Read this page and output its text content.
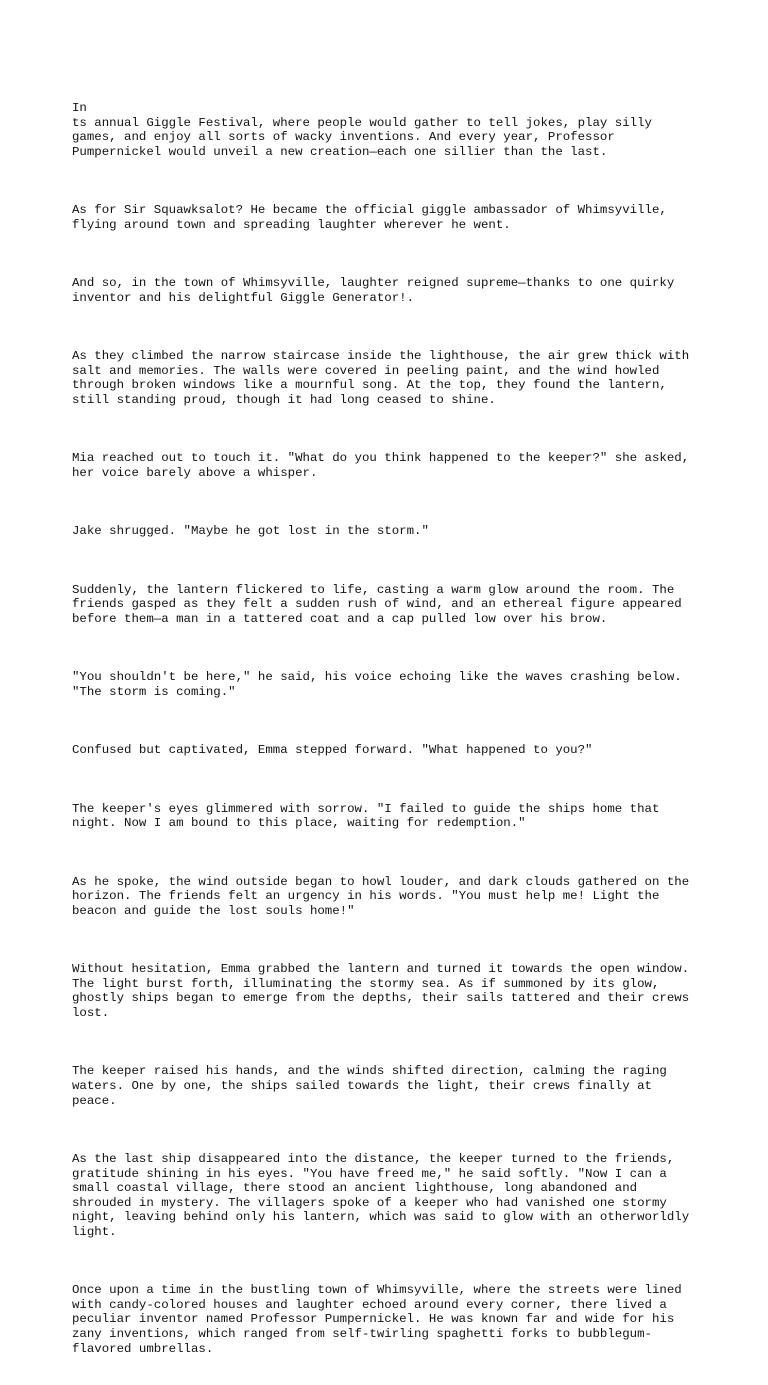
In
ts annual Giggle Festival, where people would gather to tell jokes, play silly
games, and enjoy all sorts of wacky inventions. And every year, Professor
Pumpernickel would unveil a new creation—each one sillier than the last.

As for Sir Squawksalot? He became the official giggle ambassador of Whimsyville,
flying around town and spreading laughter wherever he went.

And so, in the town of Whimsyville, laughter reigned supreme—thanks to one quirky
inventor and his delightful Giggle Generator!.

As they climbed the narrow staircase inside the lighthouse, the air grew thick with
salt and memories. The walls were covered in peeling paint, and the wind howled
through broken windows like a mournful song. At the top, they found the lantern,
still standing proud, though it had long ceased to shine.

Mia reached out to touch it. "What do you think happened to the keeper?" she asked,
her voice barely above a whisper.

Jake shrugged. "Maybe he got lost in the storm."

Suddenly, the lantern flickered to life, casting a warm glow around the room. The
friends gasped as they felt a sudden rush of wind, and an ethereal figure appeared
before them—a man in a tattered coat and a cap pulled low over his brow.

"You shouldn't be here," he said, his voice echoing like the waves crashing below.
"The storm is coming."

Confused but captivated, Emma stepped forward. "What happened to you?"

The keeper's eyes glimmered with sorrow. "I failed to guide the ships home that
night. Now I am bound to this place, waiting for redemption."

As he spoke, the wind outside began to howl louder, and dark clouds gathered on the
horizon. The friends felt an urgency in his words. "You must help me! Light the
beacon and guide the lost souls home!"

Without hesitation, Emma grabbed the lantern and turned it towards the open window.
The light burst forth, illuminating the stormy sea. As if summoned by its glow,
ghostly ships began to emerge from the depths, their sails tattered and their crews
lost.

The keeper raised his hands, and the winds shifted direction, calming the raging
waters. One by one, the ships sailed towards the light, their crews finally at
peace.

As the last ship disappeared into the distance, the keeper turned to the friends,
gratitude shining in his eyes. "You have freed me," he said softly. "Now I can a
small coastal village, there stood an ancient lighthouse, long abandoned and
shrouded in mystery. The villagers spoke of a keeper who had vanished one stormy
night, leaving behind only his lantern, which was said to glow with an otherworldly
light.

Once upon a time in the bustling town of Whimsyville, where the streets were lined
with candy-colored houses and laughter echoed around every corner, there lived a
peculiar inventor named Professor Pumpernickel. He was known far and wide for his
zany inventions, which ranged from self-twirling spaghetti forks to bubblegum-
flavored umbrellas.
